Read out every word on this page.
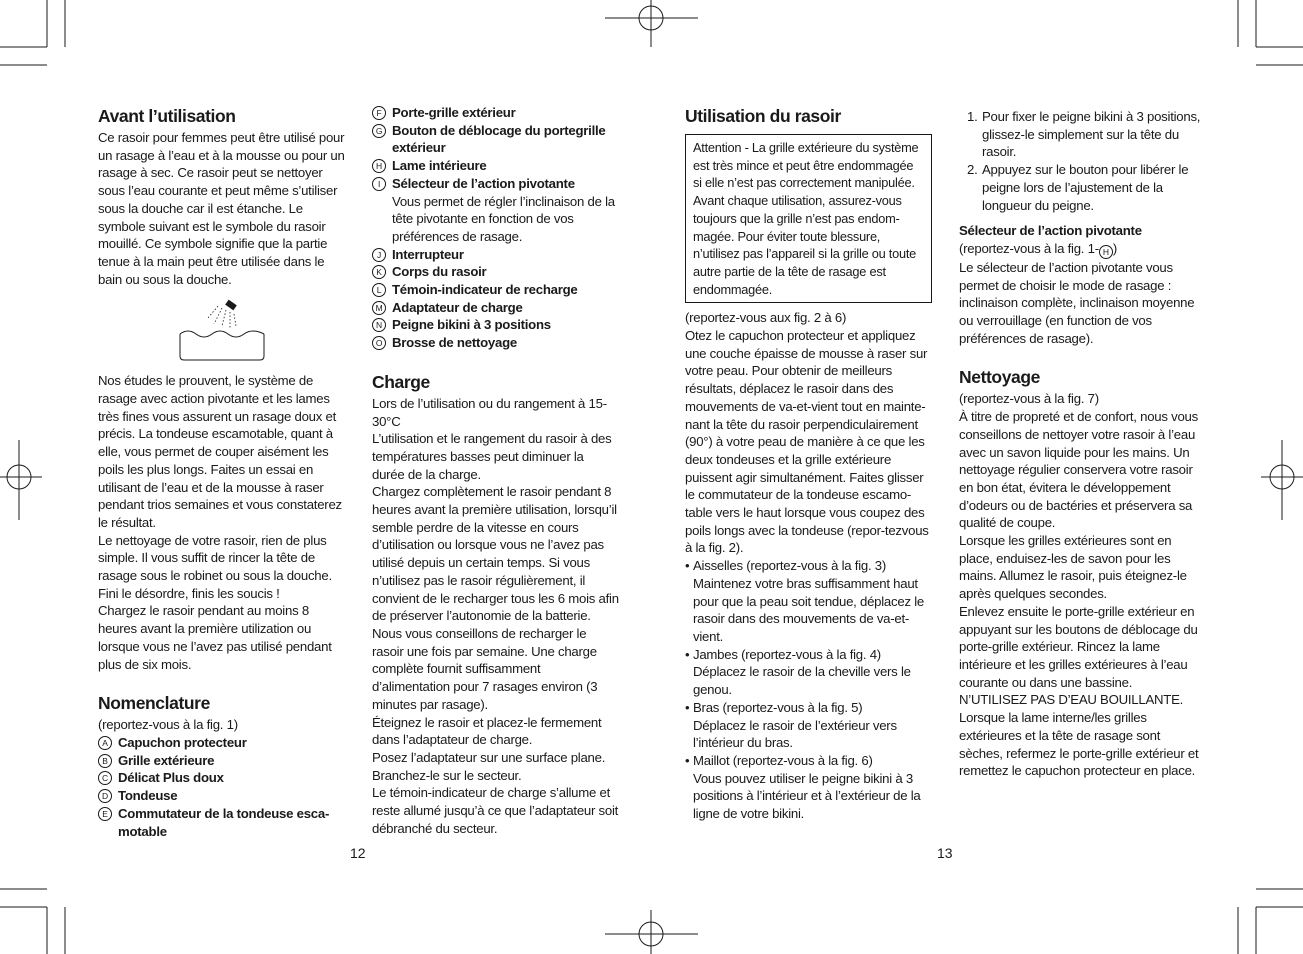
Avant l’utilisation

Ce rasoir pour femmes peut être utilisé pour un rasage à l’eau et à la mousse ou pour un rasage à sec. Ce rasoir peut se nettoyer sous l’eau courante et peut même s’utiliser sous la douche car il est étanche. Le symbole suivant est le symbole du rasoir mouillé. Ce symbole signifie que la partie tenue à la main peut être utilisée dans le bain ou sous la douche.

Nos études le prouvent, le système de rasage avec action pivotante et les lames très fines vous assurent un rasage doux et précis. La tondeuse escamotable, quant à elle, vous permet de couper aisément les poils les plus longs. Faites un essai en utilisant de l’eau et de la mousse à raser pendant trios semaines et vous constaterez le résultat.

Le nettoyage de votre rasoir, rien de plus simple. Il vous suffit de rincer la tête de rasage sous le robinet ou sous la douche. Fini le désordre, finis les soucis !

Chargez le rasoir pendant au moins 8 heures avant la première utilization ou lorsque vous ne l’avez pas utilisé pendant plus de six mois.

Nomenclature

(reportez-vous à la fig. 1)

A Capuchon protecteur

B Grille extérieure

C Délicat Plus doux

D Tondeuse

E Commutateur de la tondeuse esca-motable

F Porte-grille extérieur

G Bouton de déblocage du portegrille extérieur

H Lame intérieure

I Sélecteur de l’action pivotante
Vous permet de régler l’inclinaison de la tête pivotante en fonction de vos préférences de rasage.

J Interrupteur

K Corps du rasoir

L Témoin-indicateur de recharge

M Adaptateur de charge

N Peigne bikini à 3 positions

O Brosse de nettoyage

Charge

Lors de l’utilisation ou du rangement à 15-30°C

L’utilisation et le rangement du rasoir à des températures basses peut diminuer la durée de la charge.

Chargez complètement le rasoir pendant 8 heures avant la première utilisation, lorsqu’il semble perdre de la vitesse en cours d’utilisation ou lorsque vous ne l’avez pas utilisé depuis un certain temps. Si vous n’utilisez pas le rasoir régulièrement, il convient de le recharger tous les 6 mois afin de préserver l’autonomie de la batterie. Nous vous conseillons de recharger le rasoir une fois par semaine. Une charge complète fournit suffisamment d’alimentation pour 7 rasages environ (3 minutes par rasage).

Éteignez le rasoir et placez-le fermement dans l’adaptateur de charge.

Posez l’adaptateur sur une surface plane.

Branchez-le sur le secteur.

Le témoin-indicateur de charge s’allume et reste allumé jusqu’à ce que l’adaptateur soit débranché du secteur.

12
Utilisation du rasoir
Attention - La grille extérieure du système est très mince et peut être endommagée si elle n’est pas correctement manipulée. Avant chaque utilisation, assurez-vous toujours que la grille n’est pas endom-magée. Pour éviter toute blessure, n’utilisez pas l’appareil si la grille ou toute autre partie de la tête de rasage est endommagée.

(reportez-vous aux fig. 2 à 6)

Otez le capuchon protecteur et appliquez une couche épaisse de mousse à raser sur votre peau. Pour obtenir de meilleurs résultats, déplacez le rasoir dans des mouvements de va-et-vient tout en mainte-nant la tête du rasoir perpendiculairement (90°) à votre peau de manière à ce que les deux tondeuses et la grille extérieure puissent agir simultanément. Faites glisser le commutateur de la tondeuse escamo-table vers le haut lorsque vous coupez des poils longs avec la tondeuse (repor-tezvous à la fig. 2).

• Aisselles (reportez-vous à la fig. 3)
Maintenez votre bras suffisamment haut pour que la peau soit tendue, déplacez le rasoir dans des mouvements de va-et-vient.

• Jambes (reportez-vous à la fig. 4)
Déplacez le rasoir de la cheville vers le genou.

• Bras (reportez-vous à la fig. 5)
Déplacez le rasoir de l’extérieur vers l’intérieur du bras.

• Maillot (reportez-vous à la fig. 6)
Vous pouvez utiliser le peigne bikini à 3 positions à l’intérieur et à l’extérieur de la ligne de votre bikini.

1. Pour fixer le peigne bikini à 3 positions, glissez-le simplement sur la tête du rasoir.

2. Appuyez sur le bouton pour libérer le peigne lors de l’ajustement de la longueur du peigne.

Sélecteur de l’action pivotante

(reportez-vous à la fig. 1- H )

Le sélecteur de l’action pivotante vous permet de choisir le mode de rasage : inclinaison complète, inclinaison moyenne ou verrouillage (en function de vos préférences de rasage).

Nettoyage

(reportez-vous à la fig. 7)

À titre de propreté et de confort, nous vous conseillons de nettoyer votre rasoir à l’eau avec un savon liquide pour les mains. Un nettoyage régulier conservera votre rasoir en bon état, évitera le développement d’odeurs ou de bactéries et préservera sa qualité de coupe.

Lorsque les grilles extérieures sont en place, enduisez-les de savon pour les mains. Allumez le rasoir, puis éteignez-le après quelques secondes.

Enlevez ensuite le porte-grille extérieur en appuyant sur les boutons de déblocage du porte-grille extérieur. Rincez la lame intérieure et les grilles extérieures à l’eau courante ou dans une bassine.

N’UTILISEZ PAS D’EAU BOUILLANTE.

Lorsque la lame interne/les grilles extérieures et la tête de rasage sont sèches, refermez le porte-grille extérieur et remettez le capuchon protecteur en place.

13
